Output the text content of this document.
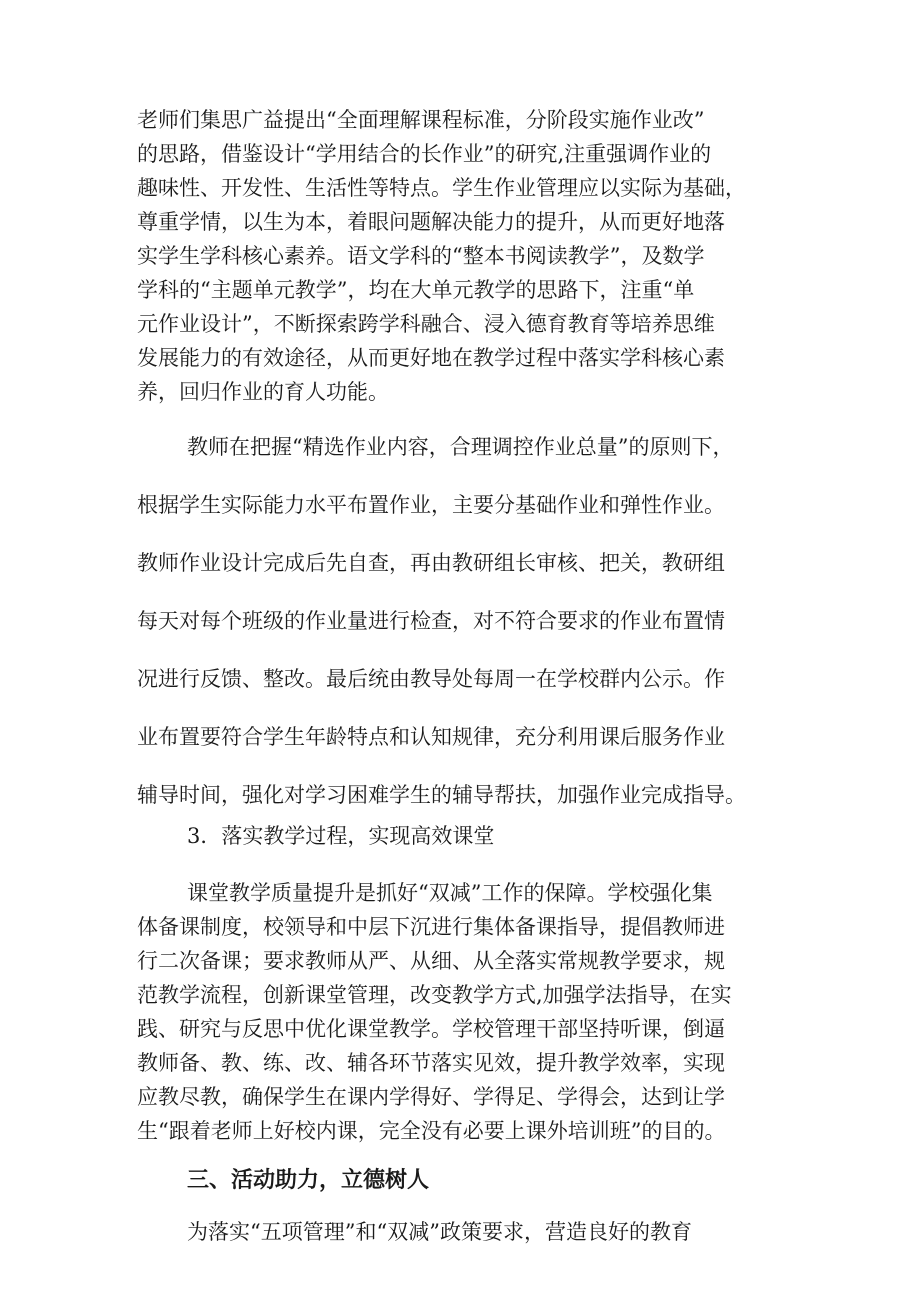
老师们集思广益提出“全面理解课程标准，分阶段实施作业改”

的思路，借鉴设计“学用结合的长作业”的研究,注重强调作业的

趣味性、开发性、生活性等特点。学生作业管理应以实际为基础，

尊重学情，以生为本，着眼问题解决能力的提升，从而更好地落

实学生学科核心素养。语文学科的“整本书阅读教学”，及数学

学科的“主题单元教学”，均在大单元教学的思路下，注重“单

元作业设计”，不断探索跨学科融合、浸入德育教育等培养思维

发展能力的有效途径，从而更好地在教学过程中落实学科核心素

养，回归作业的育人功能。

教师在把握“精选作业内容，合理调控作业总量”的原则下，

根据学生实际能力水平布置作业，主要分基础作业和弹性作业。

教师作业设计完成后先自查，再由教研组长审核、把关，教研组

每天对每个班级的作业量进行检查，对不符合要求的作业布置情

况进行反馈、整改。最后统由教导处每周一在学校群内公示。作

业布置要符合学生年龄特点和认知规律，充分利用课后服务作业

辅导时间，强化对学习困难学生的辅导帮扶，加强作业完成指导。

3．落实教学过程，实现高效课堂

课堂教学质量提升是抓好“双减”工作的保障。学校强化集

体备课制度，校领导和中层下沉进行集体备课指导，提倡教师进

行二次备课；要求教师从严、从细、从全落实常规教学要求，规

范教学流程，创新课堂管理，改变教学方式,加强学法指导，在实

践、研究与反思中优化课堂教学。学校管理干部坚持听课，倒逼

教师备、教、练、改、辅各环节落实见效，提升教学效率，实现

应教尽教，确保学生在课内学得好、学得足、学得会，达到让学

生“跟着老师上好校内课，完全没有必要上课外培训班”的目的。

三、活动助力，立德树人

为落实“五项管理”和“双减”政策要求，营造良好的教育
